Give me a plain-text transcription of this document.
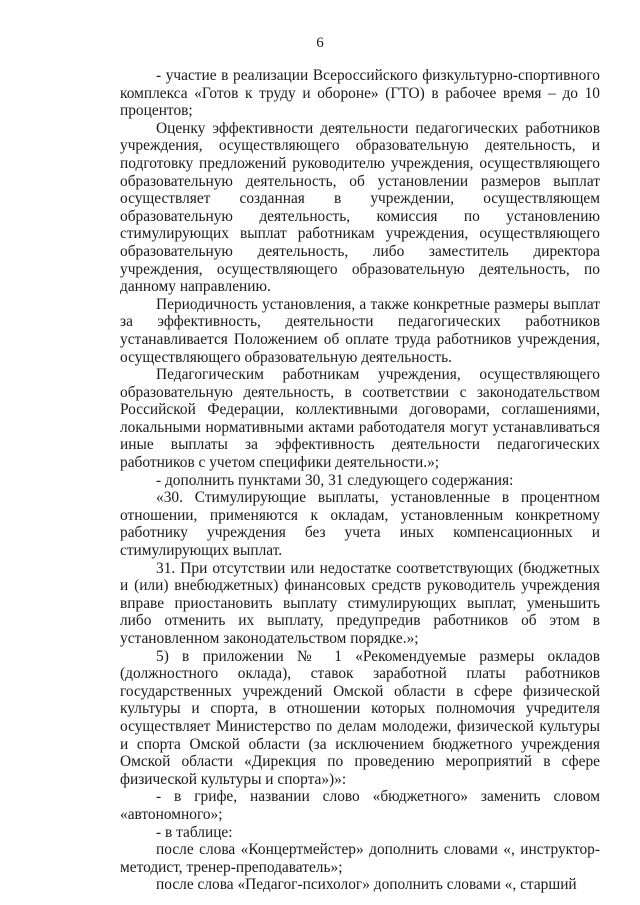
6

- участие в реализации Всероссийского физкультурно-спортивного комплекса «Готов к труду и обороне» (ГТО) в рабочее время – до 10 процентов;

Оценку эффективности деятельности педагогических работников учреждения, осуществляющего образовательную деятельность, и подготовку предложений руководителю учреждения, осуществляющего образовательную деятельность, об установлении размеров выплат осуществляет созданная в учреждении, осуществляющем образовательную деятельность, комиссия по установлению стимулирующих выплат работникам учреждения, осуществляющего образовательную деятельность, либо заместитель директора учреждения, осуществляющего образовательную деятельность, по данному направлению.

Периодичность установления, а также конкретные размеры выплат за эффективность, деятельности педагогических работников устанавливается Положением об оплате труда работников учреждения, осуществляющего образовательную деятельность.

Педагогическим работникам учреждения, осуществляющего образовательную деятельность, в соответствии с законодательством Российской Федерации, коллективными договорами, соглашениями, локальными нормативными актами работодателя могут устанавливаться иные выплаты за эффективность деятельности педагогических работников с учетом специфики деятельности.»;

- дополнить пунктами 30, 31 следующего содержания:

«30. Стимулирующие выплаты, установленные в процентном отношении, применяются к окладам, установленным конкретному работнику учреждения без учета иных компенсационных и стимулирующих выплат.

31. При отсутствии или недостатке соответствующих (бюджетных и (или) внебюджетных) финансовых средств руководитель учреждения вправе приостановить выплату стимулирующих выплат, уменьшить либо отменить их выплату, предупредив работников об этом в установленном законодательством порядке.»;

5) в приложении № 1 «Рекомендуемые размеры окладов (должностного оклада), ставок заработной платы работников государственных учреждений Омской области в сфере физической культуры и спорта, в отношении которых полномочия учредителя осуществляет Министерство по делам молодежи, физической культуры и спорта Омской области (за исключением бюджетного учреждения Омской области «Дирекция по проведению мероприятий в сфере физической культуры и спорта»)»:

- в грифе, названии слово «бюджетного» заменить словом «автономного»;

- в таблице:

после слова «Концертмейстер» дополнить словами «, инструктор-методист, тренер-преподаватель»;

после слова «Педагог-психолог» дополнить словами «, старший
